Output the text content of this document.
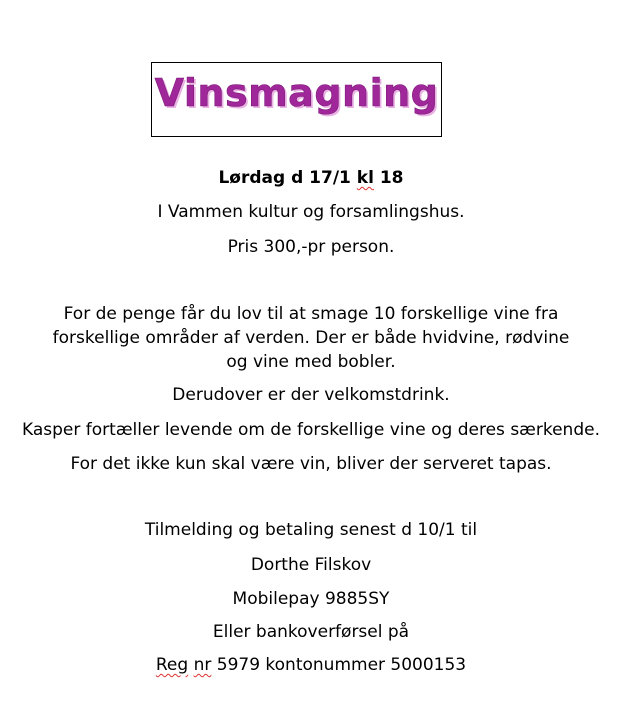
Vinsmagning
Lørdag d 17/1 kl 18
I Vammen kultur og forsamlingshus.
Pris 300,-pr person.
For de penge får du lov til at smage 10 forskellige vine fra forskellige områder af verden. Der er både hvidvine, rødvine og vine med bobler.
Derudover er der velkomstdrink.
Kasper fortæller levende om de forskellige vine og deres særkende.
For det ikke kun skal være vin, bliver der serveret tapas.
Tilmelding og betaling senest d 10/1 til
Dorthe Filskov
Mobilepay 9885SY
Eller bankoverførsel på
Reg nr 5979 kontonummer 5000153
